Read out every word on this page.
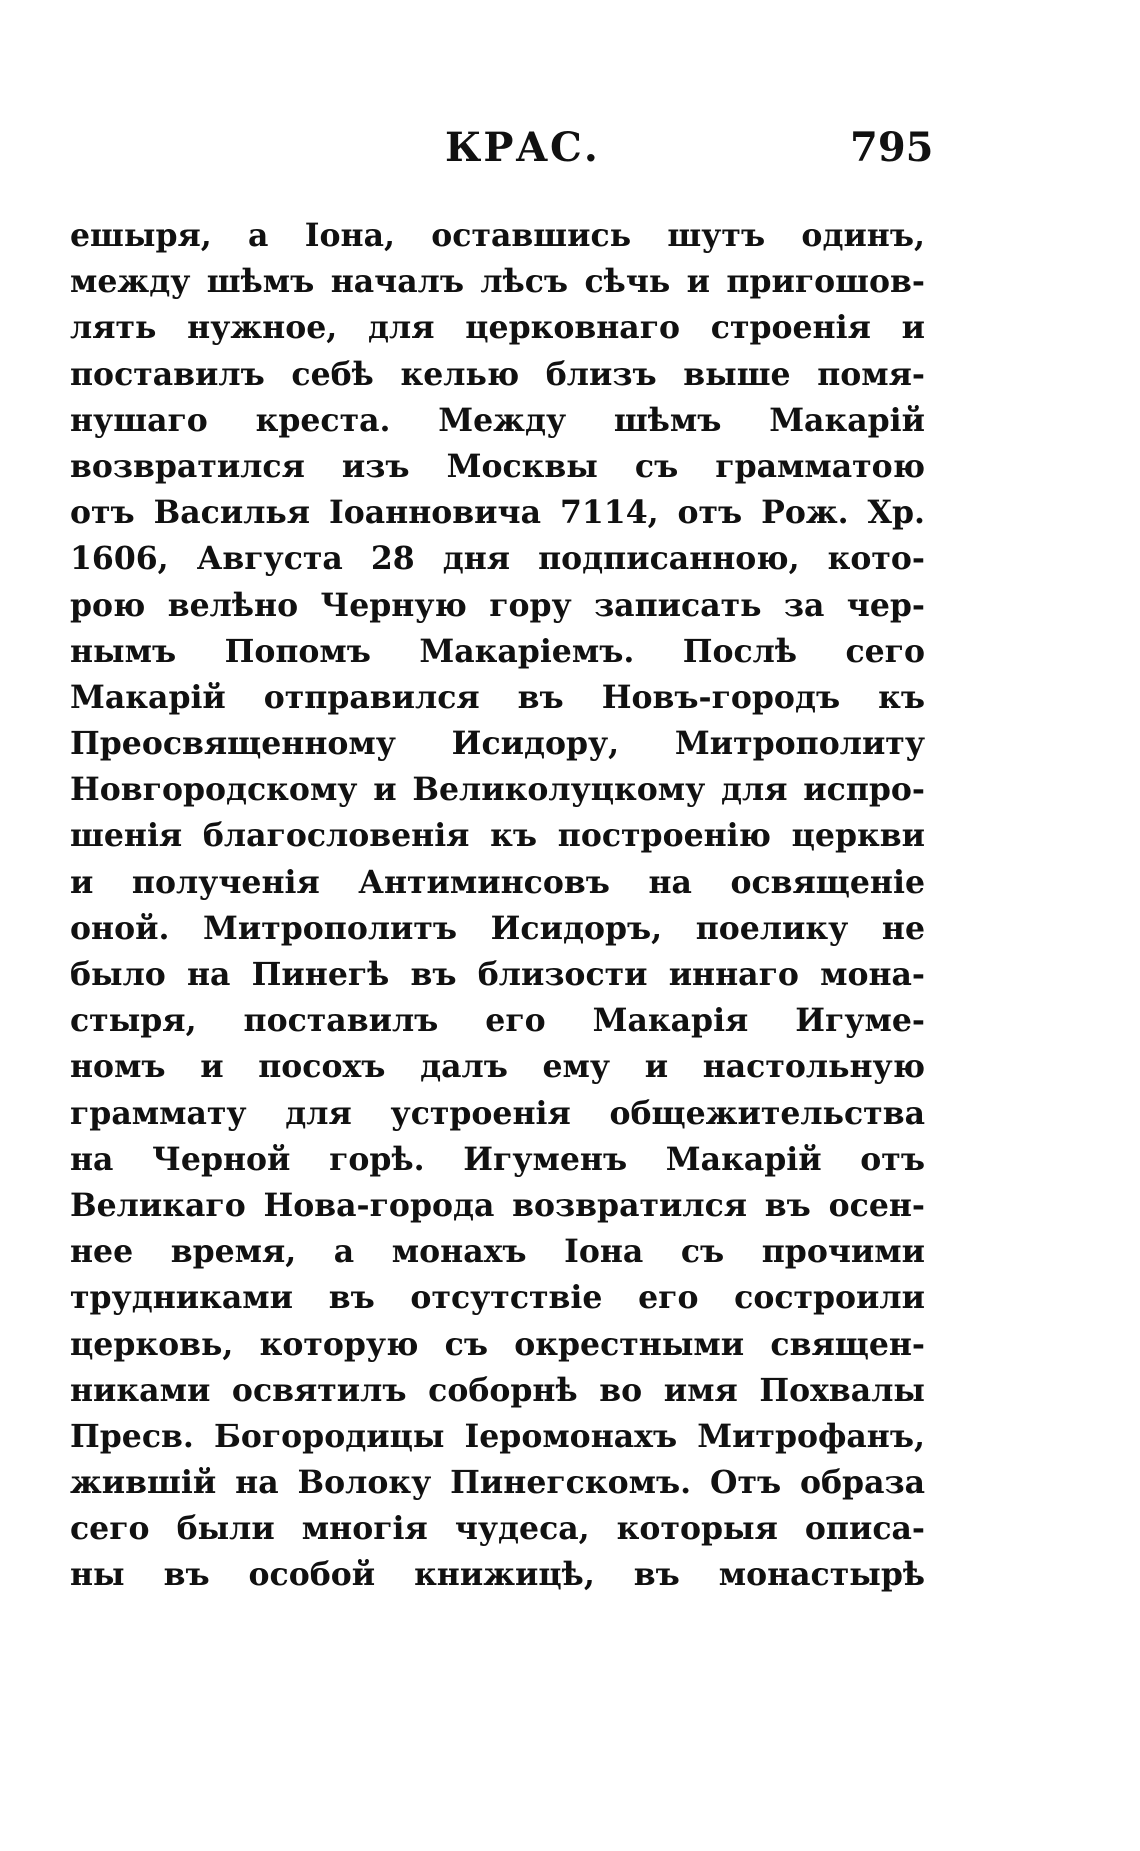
КРАС.	795
ешыря, а Іона, оставшись шутъ одинъ,
между шѣмъ началъ лѣсъ сѣчь и пригошов-
лять нужное, для церковнаго строенія и
поставилъ себѣ келью близъ выше помя-
нушаго креста. Между шѣмъ Макарій
возвратился изъ Москвы съ грамматою
отъ Василья Іоанновича 7114, отъ Рож. Хр.
1606, Августа 28 дня подписанною, кото-
рою велѣно Черную гору записать за чер-
нымъ Попомъ Макаріемъ. Послѣ сего
Макарій отправился въ Новъ-городъ къ
Преосвященному Исидору, Митрополиту
Новгородскому и Великолуцкому для испро-
шенія благословенія къ построенію церкви
и полученія Антиминсовъ на освященіе
оной. Митрополитъ Исидоръ, поелику не
было на Пинегѣ въ близости иннаго мона-
стыря, поставилъ его Макарія Игуме-
номъ и посохъ далъ ему и настольную
граммату для устроенія общежительства
на Черной горѣ. Игуменъ Макарій отъ
Великаго Нова-города возвратился въ осен-
нее время, а монахъ Іона съ прочими
трудниками въ отсутствіе его состроили
церковь, которую съ окрестными священ-
никами освятилъ соборнѣ во имя Похвалы
Пресв. Богородицы Іеромонахъ Митрофанъ,
жившій на Волоку Пинегскомъ. Отъ образа
сего были многія чудеса, которыя описа-
ны въ особой книжицѣ, въ монастырѣ
